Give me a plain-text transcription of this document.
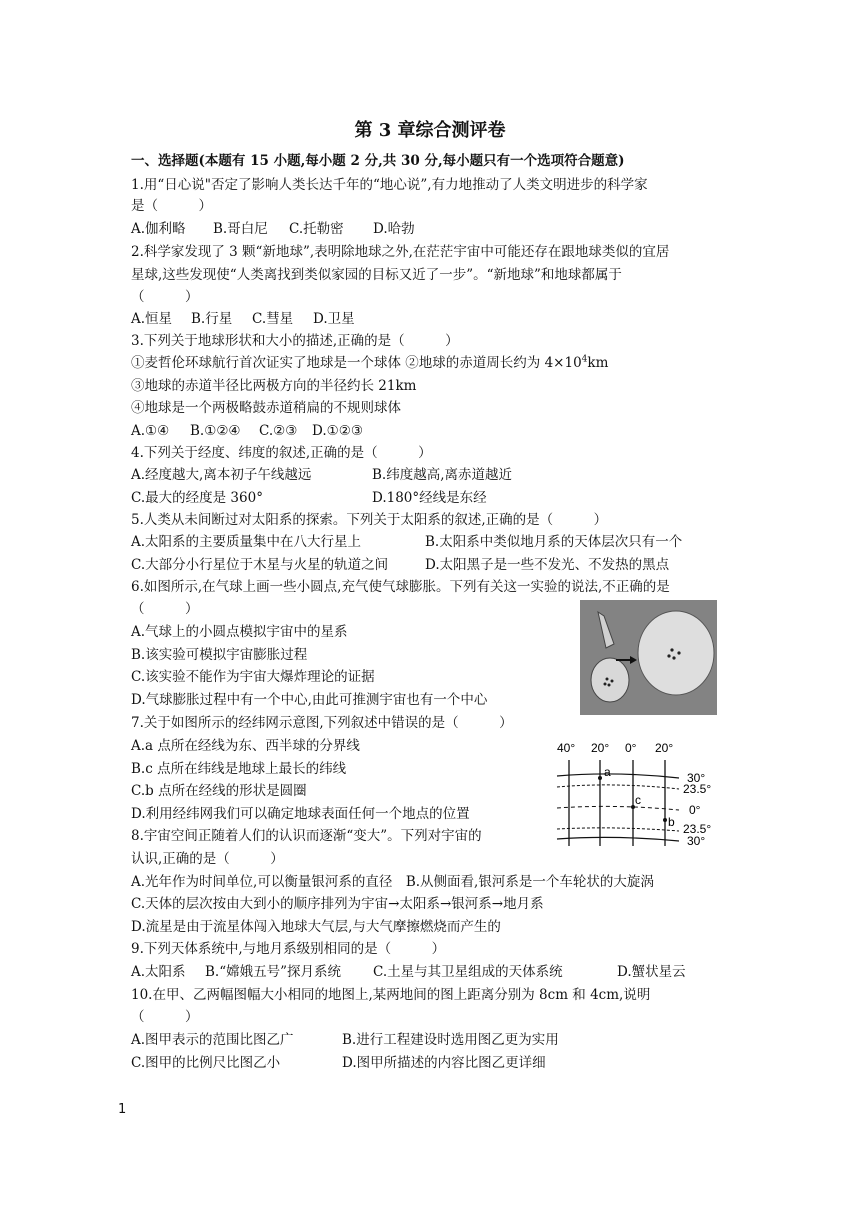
第 3 章综合测评卷
一、选择题(本题有 15 小题,每小题 2 分,共 30 分,每小题只有一个选项符合题意)
1.用“日心说"否定了影响人类长达千年的“地心说”,有力地推动了人类文明进步的科学家
是（　　　）
A.伽利略 B.哥白尼 C.托勒密 D.哈勃
2.科学家发现了 3 颗“新地球”,表明除地球之外,在茫茫宇宙中可能还存在跟地球类似的宜居
星球,这些发现使“人类离找到类似家园的目标又近了一步”。“新地球”和地球都属于
（　　　）
A.恒星 B.行星 C.彗星 D.卫星
3.下列关于地球形状和大小的描述,正确的是（　　　）
①麦哲伦环球航行首次证实了地球是一个球体 ②地球的赤道周长约为 $4\times 10^4km$
③地球的赤道半径比两极方向的半径约长 21km
④地球是一个两极略鼓赤道稍扁的不规则球体
A.①④ B.①②④ C.②③ D.①②③
4.下列关于经度、纬度的叙述,正确的是（　　　）
A.经度越大,离本初子午线越远	B.纬度越高,离赤道越近
C.最大的经度是 360°	D.180°经线是东经
5.人类从未间断过对太阳系的探索。下列关于太阳系的叙述,正确的是（　　　）
A.太阳系的主要质量集中在八大行星上	B.太阳系中类似地月系的天体层次只有一个
C.大部分小行星位于木星与火星的轨道之间	D.太阳黑子是一些不发光、不发热的黑点
6.如图所示,在气球上画一些小圆点,充气使气球膨胀。下列有关这一实验的说法,不正确的是
（　　　）
A.气球上的小圆点模拟宇宙中的星系
B.该实验可模拟宇宙膨胀过程
C.该实验不能作为宇宙大爆炸理论的证据
D.气球膨胀过程中有一个中心,由此可推测宇宙也有一个中心
7.关于如图所示的经纬网示意图,下列叙述中错误的是（　　　）
A.a 点所在经线为东、西半球的分界线
B.c 点所在纬线是地球上最长的纬线
C.b 点所在经线的形状是圆圈
D.利用经纬网我们可以确定地球表面任何一个地点的位置
40° 20° 0° 20°
a
c
b
30°
23.5°
0°
23.5°
30°
8.宇宙空间正随着人们的认识而逐渐“变大”。下列对宇宙的
认识,正确的是（　　　）
A.光年作为时间单位,可以衡量银河系的直径　B.从侧面看,银河系是一个车轮状的大旋涡
C.天体的层次按由大到小的顺序排列为宇宙→太阳系→银河系→地月系
D.流星是由于流星体闯入地球大气层,与大气摩擦燃烧而产生的
9.下列天体系统中,与地月系级别相同的是（　　　）
A.太阳系 B.“嫦娥五号”探月系统 C.土星与其卫星组成的天体系统	D.蟹状星云
10.在甲、乙两幅图幅大小相同的地图上,某两地间的图上距离分别为 8cm 和 4cm,说明
（　　　）
A.图甲表示的范围比图乙广	B.进行工程建设时选用图乙更为实用
C.图甲的比例尺比图乙小	D.图甲所描述的内容比图乙更详细
1
